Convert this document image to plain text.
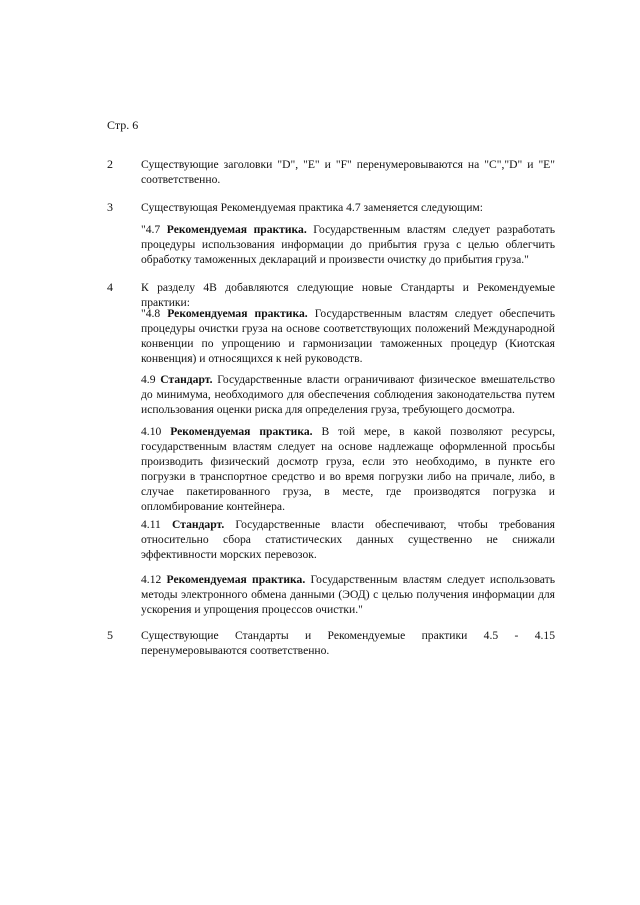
Стр. 6
2 Существующие заголовки "D", "E" и "F" перенумеровываются на "C","D" и "E" соответственно.
3 Существующая Рекомендуемая практика 4.7 заменяется следующим:
"4.7 Рекомендуемая практика. Государственным властям следует разработать процедуры использования информации до прибытия груза с целью облегчить обработку таможенных деклараций и произвести очистку до прибытия груза."
4 К разделу 4В добавляются следующие новые Стандарты и Рекомендуемые практики:
"4.8 Рекомендуемая практика. Государственным властям следует обеспечить процедуры очистки груза на основе соответствующих положений Международной конвенции по упрощению и гармонизации таможенных процедур (Киотская конвенция) и относящихся к ней руководств.
4.9 Стандарт. Государственные власти ограничивают физическое вмешательство до минимума, необходимого для обеспечения соблюдения законодательства путем использования оценки риска для определения груза, требующего досмотра.
4.10 Рекомендуемая практика. В той мере, в какой позволяют ресурсы, государственным властям следует на основе надлежаще оформленной просьбы производить физический досмотр груза, если это необходимо, в пункте его погрузки в транспортное средство и во время погрузки либо на причале, либо, в случае пакетированного груза, в месте, где производятся погрузка и опломбирование контейнера.
4.11 Стандарт. Государственные власти обеспечивают, чтобы требования относительно сбора статистических данных существенно не снижали эффективности морских перевозок.
4.12 Рекомендуемая практика. Государственным властям следует использовать методы электронного обмена данными (ЭОД) с целью получения информации для ускорения и упрощения процессов очистки."
5 Существующие Стандарты и Рекомендуемые практики 4.5 - 4.15 перенумеровываются соответственно.
